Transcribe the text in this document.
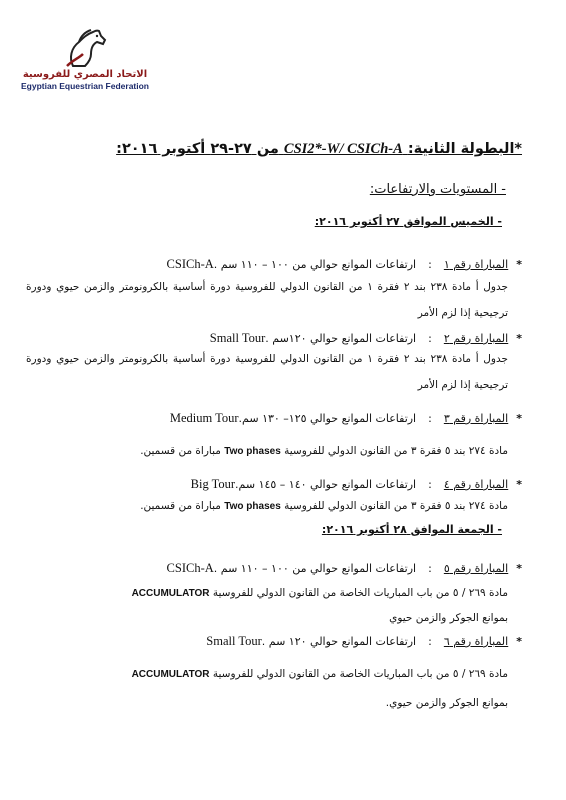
الاتحاد المصري للفروسية
Egyptian Equestrian Federation
*البطولة الثانية: CSI2*-W/ CSICh-A من ٢٧-٢٩ أكتوبر ٢٠١٦:
- المستويات والارتفاعات:
- الخميس الموافق ٢٧ أكتوبر ٢٠١٦:
*المباراة رقم ١:ارتفاعات الموانع حوالي من ١٠٠ – ١١٠ سم .CSICh-A
جدول أ مادة ٢٣٨ بند ٢ فقرة ١ من القانون الدولي للفروسية دورة أساسية بالكرونومتر والزمن حيوي ودورة ترجيحية إذا لزم الأمر
*المباراة رقم ٢:ارتفاعات الموانع حوالي ١٢٠سم .Small Tour
جدول أ مادة ٢٣٨ بند ٢ فقرة ١ من القانون الدولي للفروسية دورة أساسية بالكرونومتر والزمن حيوي ودورة ترجيحية إذا لزم الأمر
*المباراة رقم ٣:ارتفاعات الموانع حوالي ١٢٥– ١٣٠ سم.Medium Tour
مادة ٢٧٤ بند ٥ فقرة ٣ من القانون الدولي للفروسية Two phases مباراة من قسمين.
*المباراة رقم ٤:ارتفاعات الموانع حوالي ١٤٠ – ١٤٥ سم.Big Tour
مادة ٢٧٤ بند ٥ فقرة ٣ من القانون الدولي للفروسية Two phases مباراة من قسمين.
- الجمعة الموافق ٢٨ أكتوبر ٢٠١٦:
*المباراة رقم ٥:ارتفاعات الموانع حوالي من ١٠٠ – ١١٠ سم .CSICh-A
مادة ٢٦٩ / ٥ من باب المباريات الخاصة من القانون الدولي للفروسية ACCUMULATOR
بموانع الجوكر والزمن حيوي
*المباراة رقم ٦:ارتفاعات الموانع حوالي ١٢٠ سم .Small Tour
مادة ٢٦٩ / ٥ من باب المباريات الخاصة من القانون الدولي للفروسية ACCUMULATOR
بموانع الجوكر والزمن حيوي.
